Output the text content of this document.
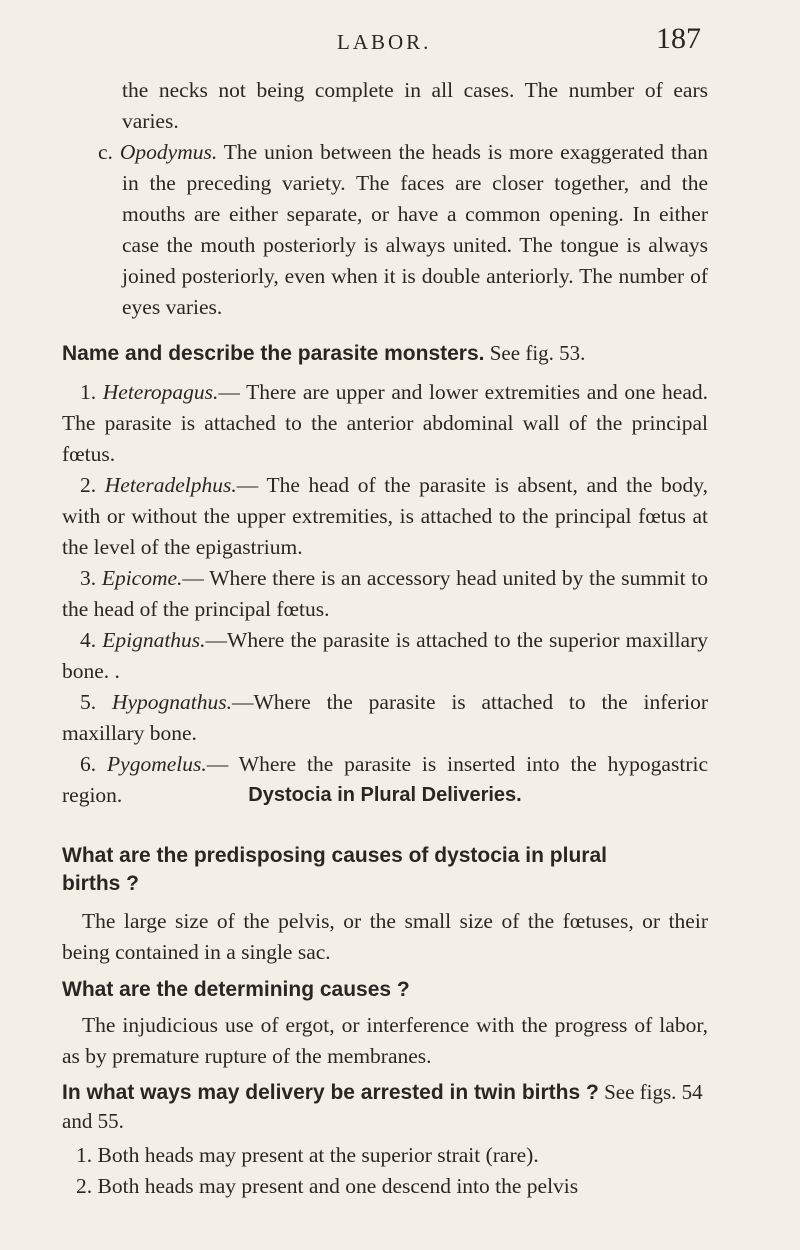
LABOR.	187

the necks not being complete in all cases. The number of ears varies.

c. Opodymus. The union between the heads is more exaggerated than in the preceding variety. The faces are closer together, and the mouths are either separate, or have a common opening. In either case the mouth posteriorly is always united. The tongue is always joined posteriorly, even when it is double anteriorly. The number of eyes varies.

Name and describe the parasite monsters. See fig. 53.

1. Heteropagus.— There are upper and lower extremities and one head. The parasite is attached to the anterior abdominal wall of the principal fœtus.

2. Heteradelphus.— The head of the parasite is absent, and the body, with or without the upper extremities, is attached to the principal fœtus at the level of the epigastrium.

3. Epicome.— Where there is an accessory head united by the summit to the head of the principal fœtus.

4. Epignathus.—Where the parasite is attached to the superior maxillary bone. .

5. Hypognathus.—Where the parasite is attached to the inferior maxillary bone.

6. Pygomelus.— Where the parasite is inserted into the hypogastric region.	Dystocia in Plural Deliveries.

What are the predisposing causes of dystocia in plural births ?

The large size of the pelvis, or the small size of the fœtuses, or their being contained in a single sac.

What are the determining causes ?

The injudicious use of ergot, or interference with the progress of labor, as by premature rupture of the membranes.

In what ways may delivery be arrested in twin births ? See figs. 54 and 55.

1. Both heads may present at the superior strait (rare).

2. Both heads may present and one descend into the pelvis
